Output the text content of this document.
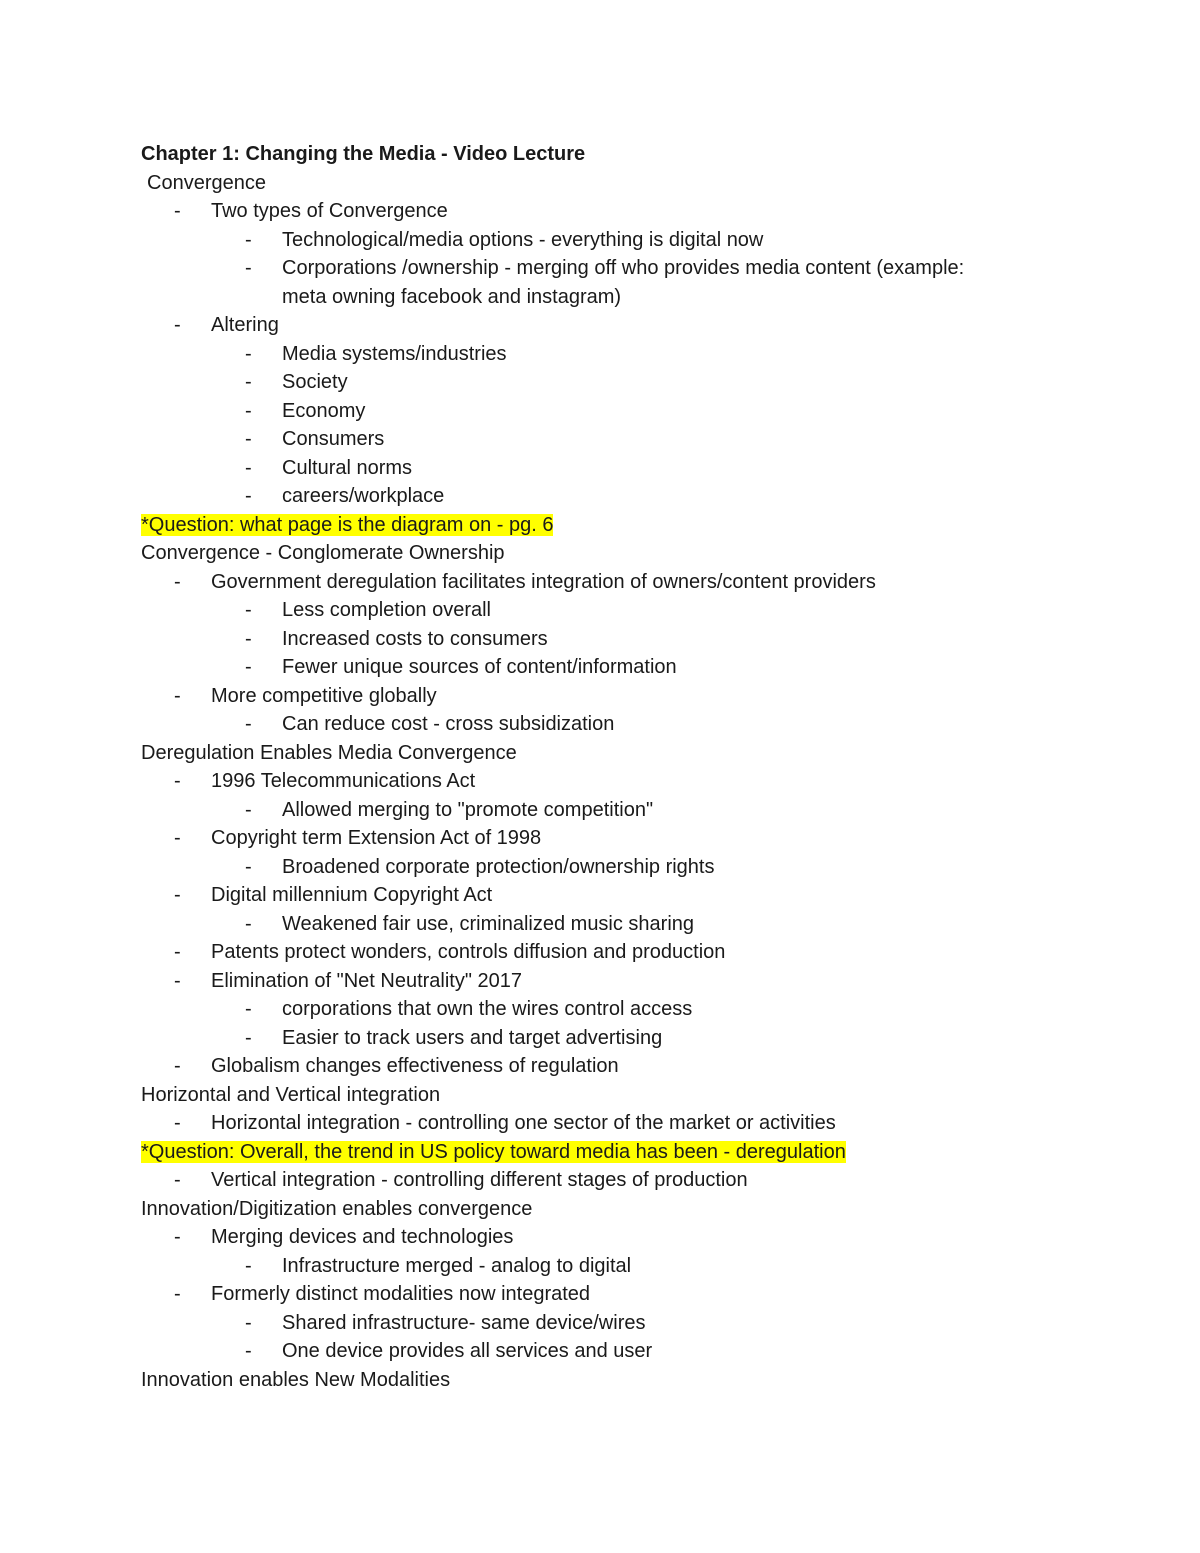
Chapter 1: Changing the Media - Video Lecture
Convergence
- Two types of Convergence
- Technological/media options - everything is digital now
- Corporations /ownership - merging off who provides media content (example:
meta owning facebook and instagram)
- Altering
- Media systems/industries
- Society
- Economy
- Consumers
- Cultural norms
- careers/workplace
*Question: what page is the diagram on - pg. 6
Convergence - Conglomerate Ownership
- Government deregulation facilitates integration of owners/content providers
- Less completion overall
- Increased costs to consumers
- Fewer unique sources of content/information
- More competitive globally
- Can reduce cost - cross subsidization
Deregulation Enables Media Convergence
- 1996 Telecommunications Act
- Allowed merging to "promote competition"
- Copyright term Extension Act of 1998
- Broadened corporate protection/ownership rights
- Digital millennium Copyright Act
- Weakened fair use, criminalized music sharing
- Patents protect wonders, controls diffusion and production
- Elimination of "Net Neutrality" 2017
- corporations that own the wires control access
- Easier to track users and target advertising
- Globalism changes effectiveness of regulation
Horizontal and Vertical integration
- Horizontal integration - controlling one sector of the market or activities
*Question: Overall, the trend in US policy toward media has been - deregulation
- Vertical integration - controlling different stages of production
Innovation/Digitization enables convergence
- Merging devices and technologies
- Infrastructure merged - analog to digital
- Formerly distinct modalities now integrated
- Shared infrastructure- same device/wires
- One device provides all services and user
Innovation enables New Modalities
